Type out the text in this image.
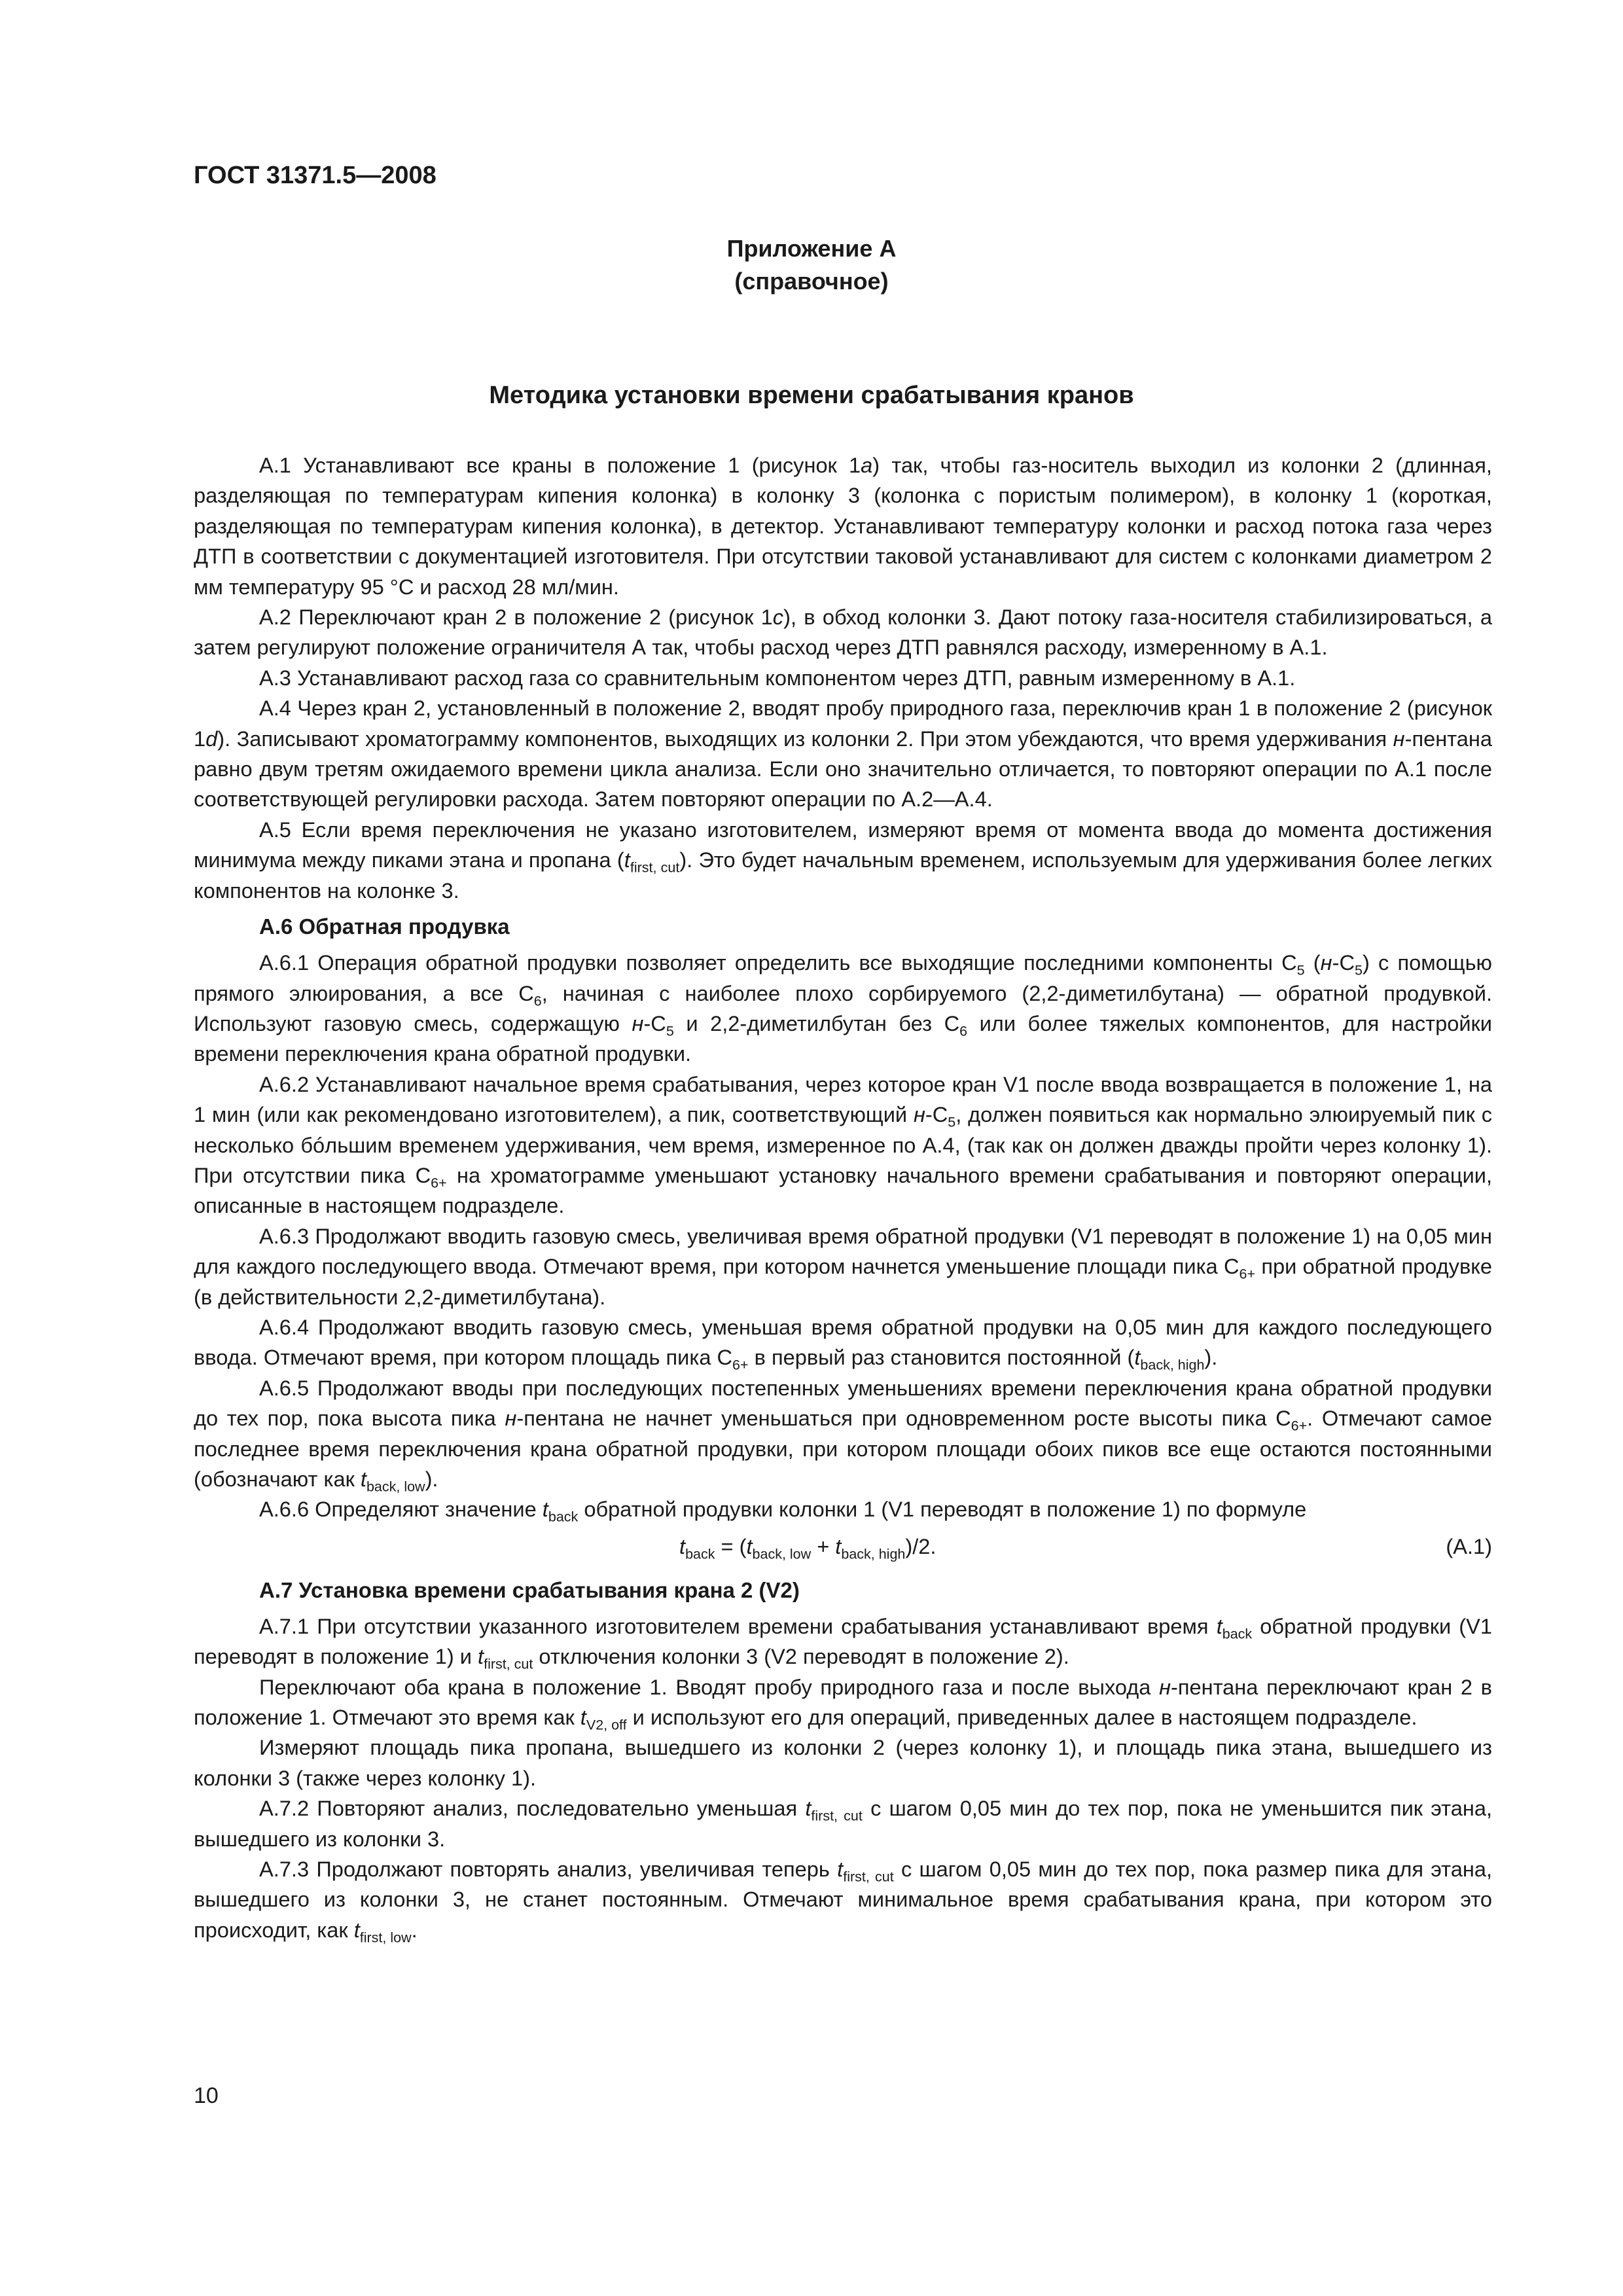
ГОСТ 31371.5—2008
Приложение А
(справочное)
Методика установки времени срабатывания кранов

А.1 Устанавливают все краны в положение 1 (рисунок 1a) так, чтобы газ-носитель выходил из колонки 2 (длинная, разделяющая по температурам кипения колонка) в колонку 3 (колонка с пористым полимером), в колонку 1 (короткая, разделяющая по температурам кипения колонка), в детектор. Устанавливают температуру колонки и расход потока газа через ДТП в соответствии с документацией изготовителя. При отсутствии таковой устанавливают для систем с колонками диаметром 2 мм температуру 95 °С и расход 28 мл/мин.

А.2 Переключают кран 2 в положение 2 (рисунок 1с), в обход колонки 3. Дают потоку газа-носителя стабилизироваться, а затем регулируют положение ограничителя А так, чтобы расход через ДТП равнялся расходу, измеренному в А.1.

А.3 Устанавливают расход газа со сравнительным компонентом через ДТП, равным измеренному в А.1.

А.4 Через кран 2, установленный в положение 2, вводят пробу природного газа, переключив кран 1 в положение 2 (рисунок 1d). Записывают хроматограмму компонентов, выходящих из колонки 2. При этом убеждаются, что время удерживания н-пентана равно двум третям ожидаемого времени цикла анализа. Если оно значительно отличается, то повторяют операции по А.1 после соответствующей регулировки расхода. Затем повторяют операции по А.2—А.4.

А.5 Если время переключения не указано изготовителем, измеряют время от момента ввода до момента достижения минимума между пиками этана и пропана $(t_{first, cut})$. Это будет начальным временем, используемым для удерживания более легких компонентов на колонке 3.

А.6 Обратная продувка

А.6.1 Операция обратной продувки позволяет определить все выходящие последними компоненты $С_5$ $(н-С_5)$ с помощью прямого элюирования, а все $С_6$, начиная с наиболее плохо сорбируемого (2,2-диметилбутана) — обратной продувкой. Используют газовую смесь, содержащую $н-С_5$ и 2,2-диметилбутан без $С_6$ или более тяжелых компонентов, для настройки времени переключения крана обратной продувки.

А.6.2 Устанавливают начальное время срабатывания, через которое кран V1 после ввода возвращается в положение 1, на 1 мин (или как рекомендовано изготовителем), а пик, соответствующий $н-С_5$, должен появиться как нормально элюируемый пик с несколько бóльшим временем удерживания, чем время, измеренное по А.4, (так как он должен дважды пройти через колонку 1). При отсутствии пика $С_{6+}$ на хроматограмме уменьшают установку начального времени срабатывания и повторяют операции, описанные в настоящем подразделе.

А.6.3 Продолжают вводить газовую смесь, увеличивая время обратной продувки (V1 переводят в положение 1) на 0,05 мин для каждого последующего ввода. Отмечают время, при котором начнется уменьшение площади пика $С_{6+}$ при обратной продувке (в действительности 2,2-диметилбутана).

А.6.4 Продолжают вводить газовую смесь, уменьшая время обратной продувки на 0,05 мин для каждого последующего ввода. Отмечают время, при котором площадь пика $С_{6+}$ в первый раз становится постоянной $(t_{back, high})$.

А.6.5 Продолжают вводы при последующих постепенных уменьшениях времени переключения крана обратной продувки до тех пор, пока высота пика н-пентана не начнет уменьшаться при одновременном росте высоты пика $С_{6+}$. Отмечают самое последнее время переключения крана обратной продувки, при котором площади обоих пиков все еще остаются постоянными (обозначают как $t_{back, low}$).

А.6.6 Определяют значение $t_{back}$ обратной продувки колонки 1 (V1 переводят в положение 1) по формуле

$t_{back} = (t_{back, low} + t_{back, high})/2$.	(А.1)
А.7 Установка времени срабатывания крана 2 (V2)

А.7.1 При отсутствии указанного изготовителем времени срабатывания устанавливают время $t_{back}$ обратной продувки (V1 переводят в положение 1) и $t_{first, cut}$ отключения колонки 3 (V2 переводят в положение 2).

Переключают оба крана в положение 1. Вводят пробу природного газа и после выхода н-пентана переключают кран 2 в положение 1. Отмечают это время как $t_{V2, off}$ и используют его для операций, приведенных далее в настоящем подразделе.

Измеряют площадь пика пропана, вышедшего из колонки 2 (через колонку 1), и площадь пика этана, вышедшего из колонки 3 (также через колонку 1).

А.7.2 Повторяют анализ, последовательно уменьшая $t_{first, cut}$ с шагом 0,05 мин до тех пор, пока не уменьшится пик этана, вышедшего из колонки 3.

А.7.3 Продолжают повторять анализ, увеличивая теперь $t_{first, cut}$ с шагом 0,05 мин до тех пор, пока размер пика для этана, вышедшего из колонки 3, не станет постоянным. Отмечают минимальное время срабатывания крана, при котором это происходит, как $t_{first, low}$.

10
